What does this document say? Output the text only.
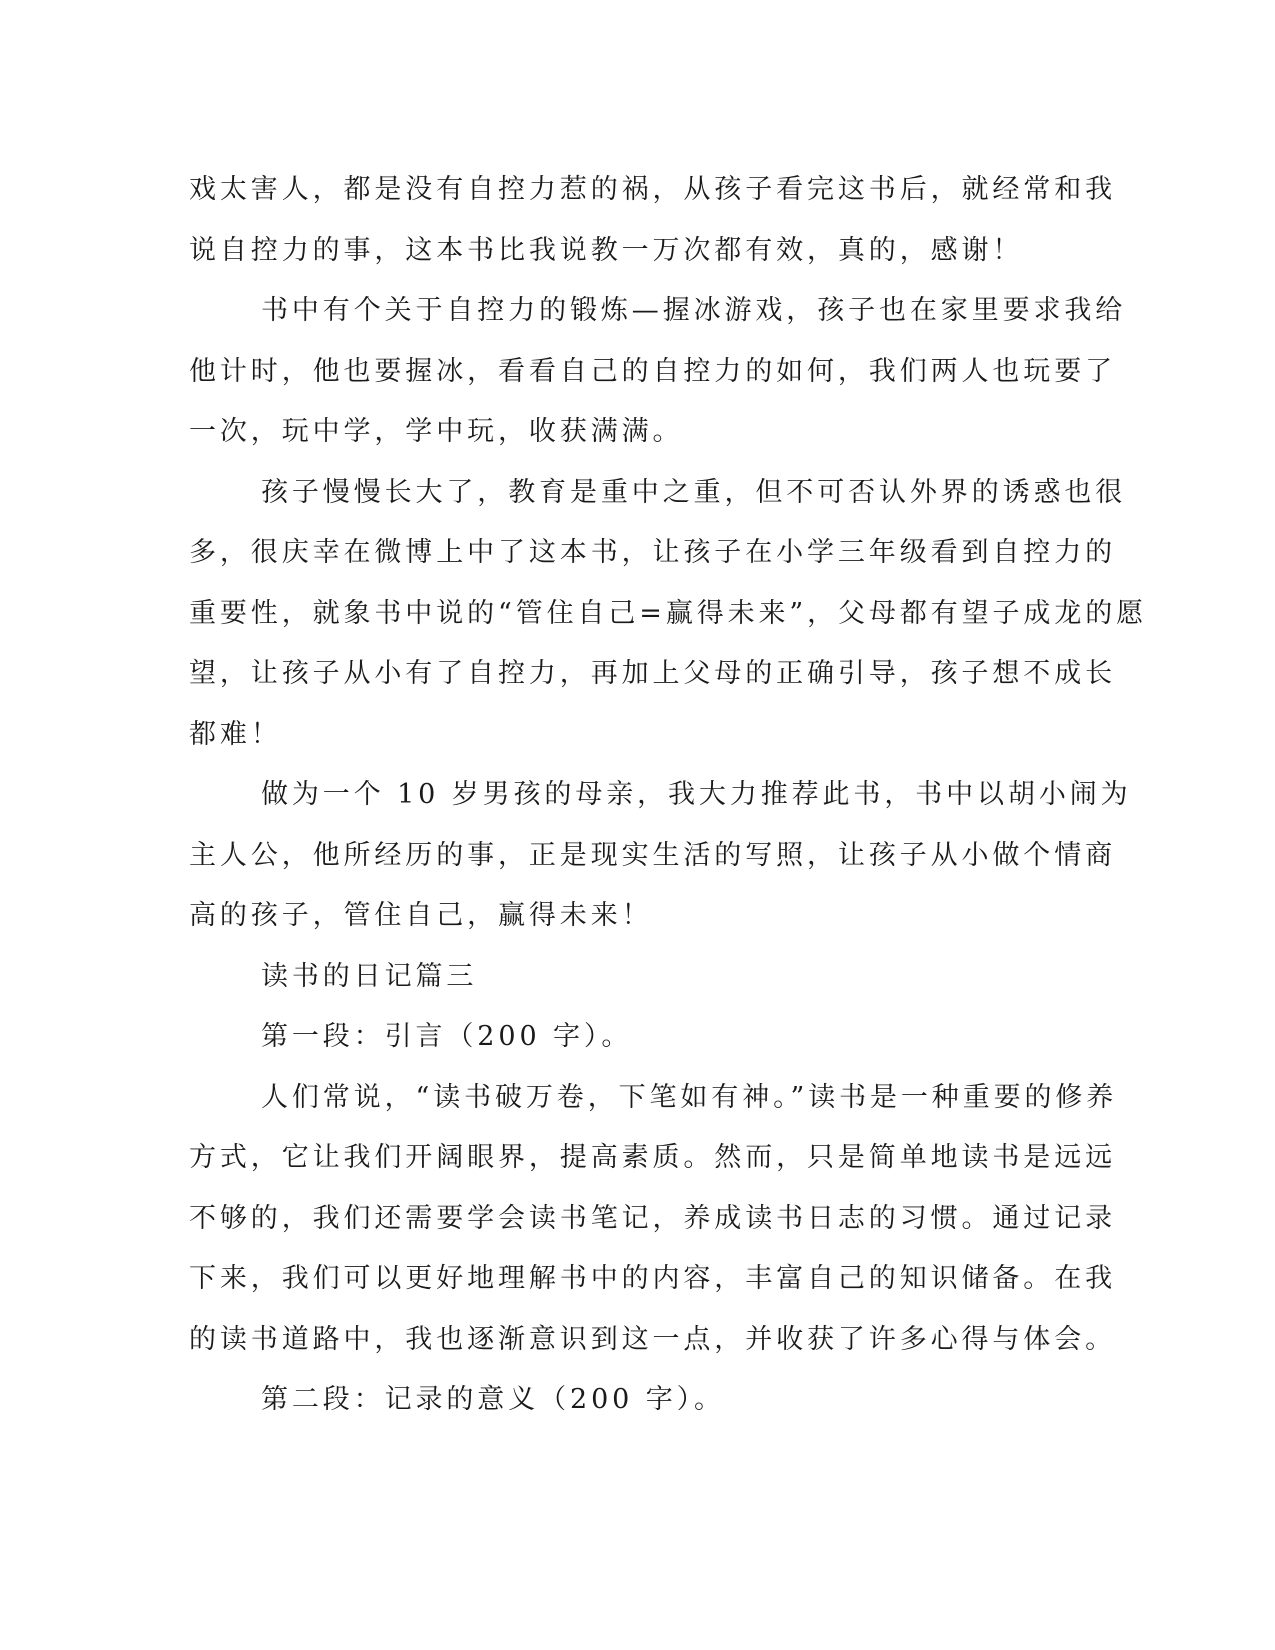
戏太害人，都是没有自控力惹的祸，从孩子看完这书后，就经常和我
说自控力的事，这本书比我说教一万次都有效，真的，感谢！
书中有个关于自控力的锻炼—握冰游戏，孩子也在家里要求我给
他计时，他也要握冰，看看自己的自控力的如何，我们两人也玩要了
一次，玩中学，学中玩，收获满满。
孩子慢慢长大了，教育是重中之重，但不可否认外界的诱惑也很
多，很庆幸在微博上中了这本书，让孩子在小学三年级看到自控力的
重要性，就象书中说的“管住自己=赢得未来”，父母都有望子成龙的愿
望，让孩子从小有了自控力，再加上父母的正确引导，孩子想不成长
都难！
做为一个 10 岁男孩的母亲，我大力推荐此书，书中以胡小闹为
主人公，他所经历的事，正是现实生活的写照，让孩子从小做个情商
高的孩子，管住自己，赢得未来！
读书的日记篇三
第一段：引言（200 字）。
人们常说，“读书破万卷，下笔如有神。”读书是一种重要的修养
方式，它让我们开阔眼界，提高素质。然而，只是简单地读书是远远
不够的，我们还需要学会读书笔记，养成读书日志的习惯。通过记录
下来，我们可以更好地理解书中的内容，丰富自己的知识储备。在我
的读书道路中，我也逐渐意识到这一点，并收获了许多心得与体会。
第二段：记录的意义（200 字）。
